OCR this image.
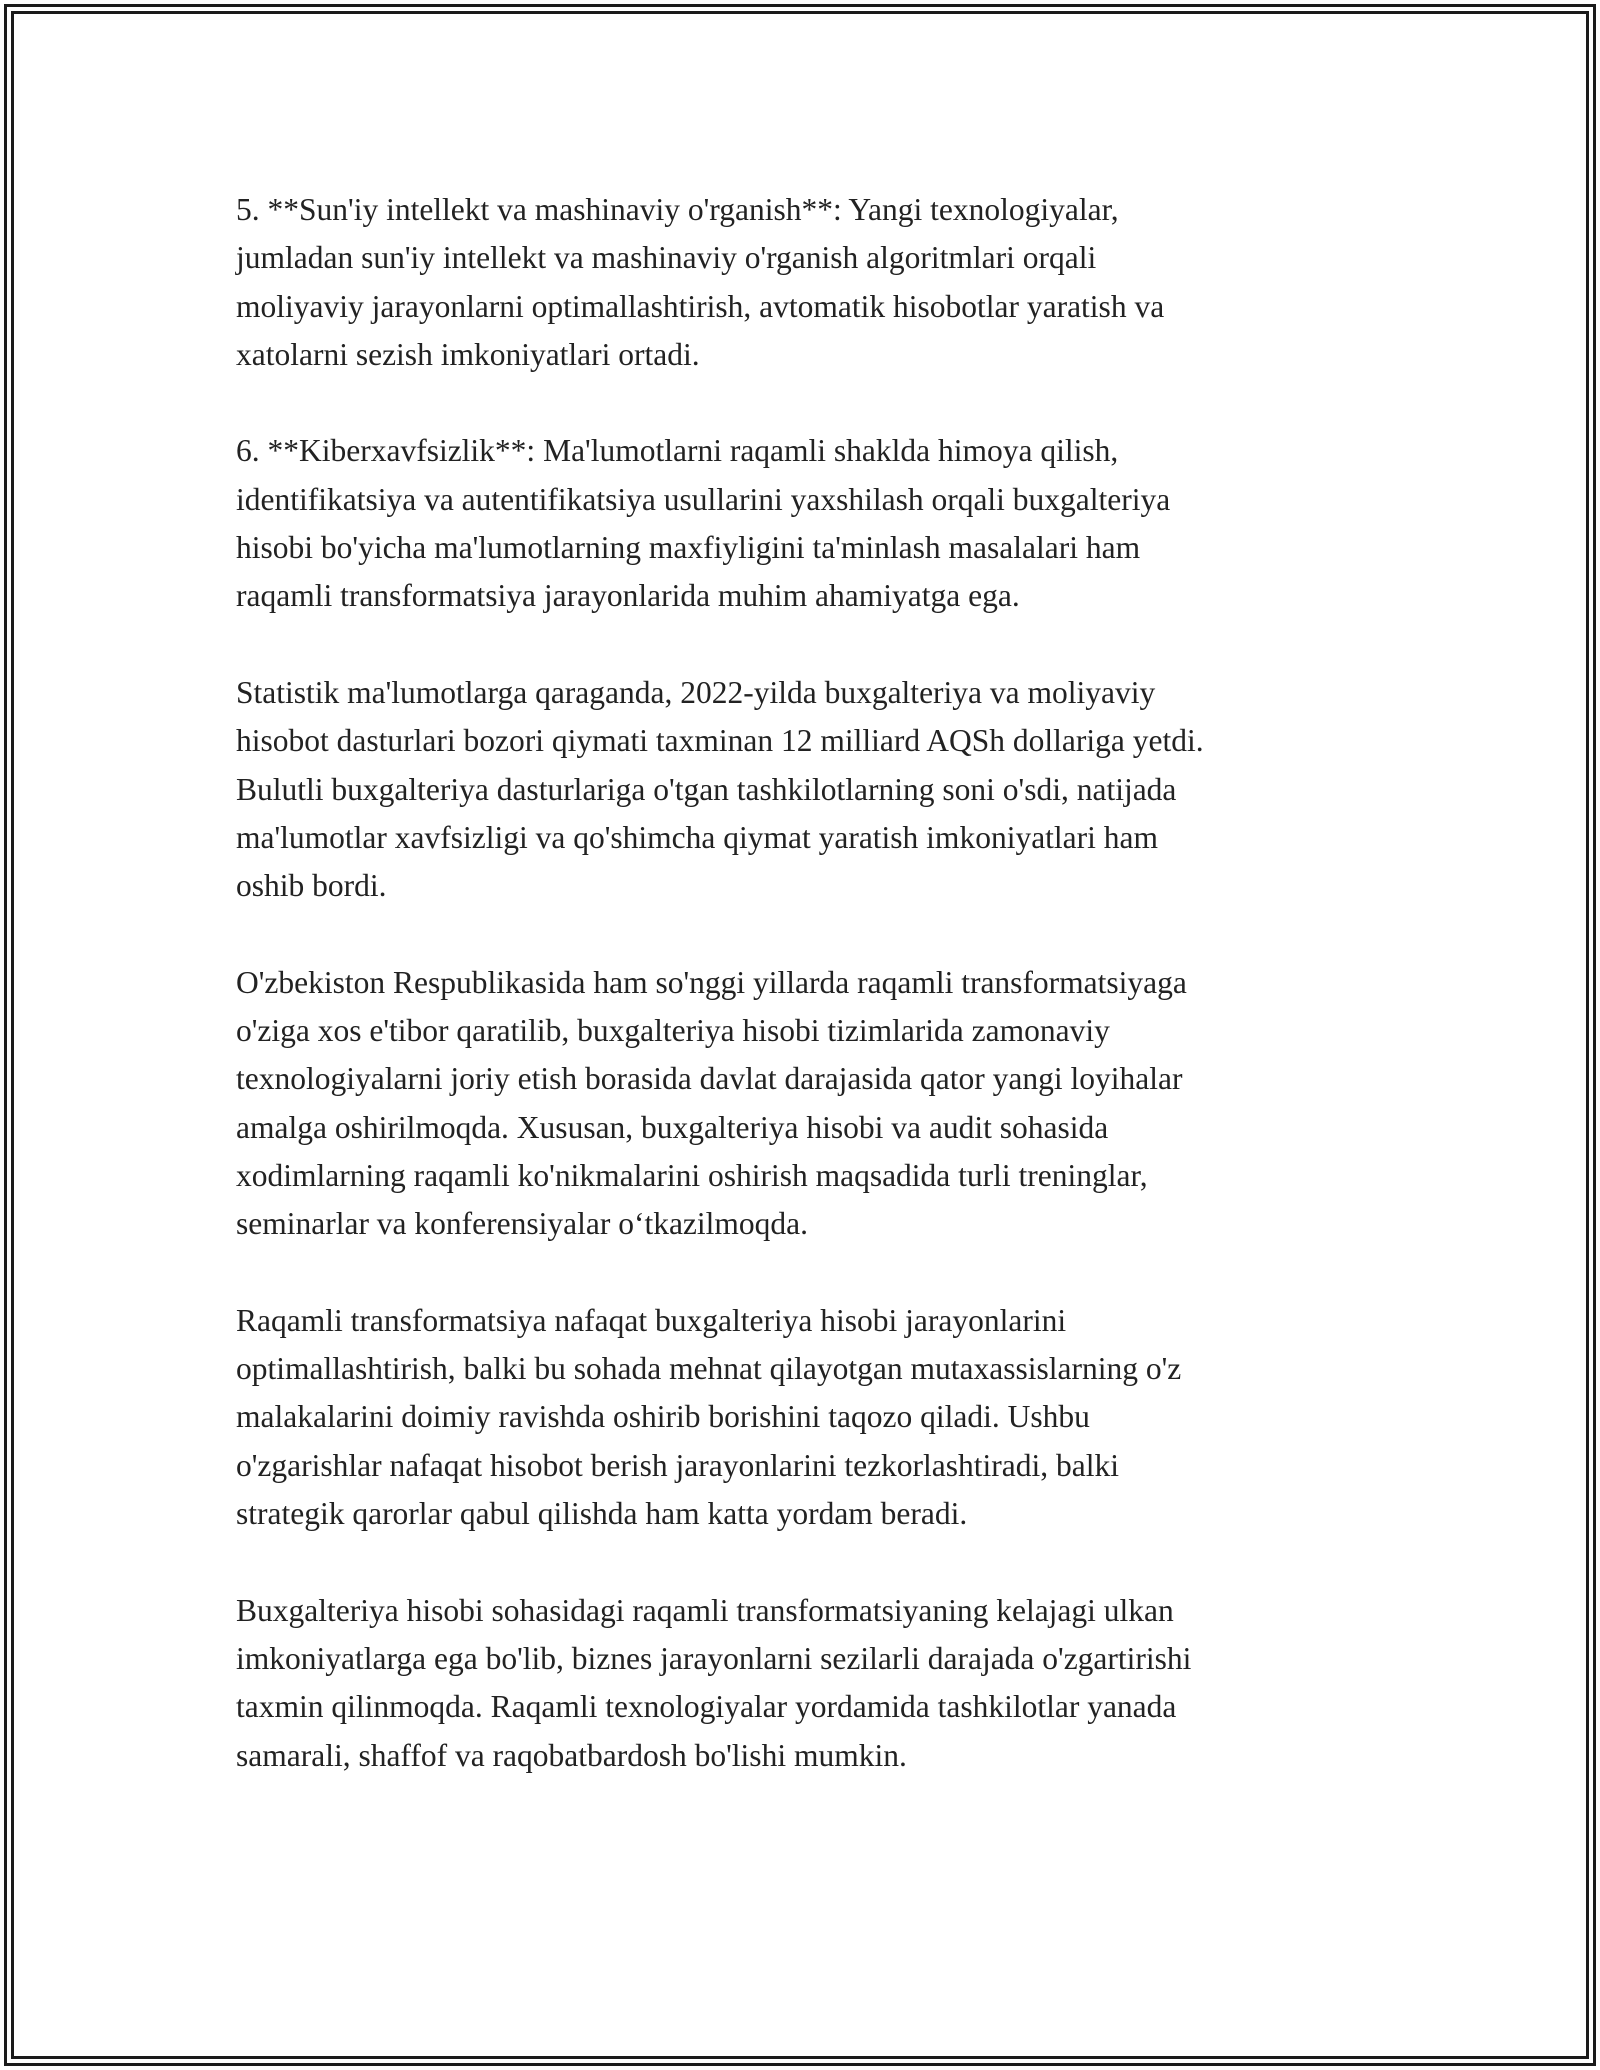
5. **Sun'iy intellekt va mashinaviy o'rganish**: Yangi texnologiyalar,
jumladan sun'iy intellekt va mashinaviy o'rganish algoritmlari orqali
moliyaviy jarayonlarni optimallashtirish, avtomatik hisobotlar yaratish va
xatolarni sezish imkoniyatlari ortadi.

6. **Kiberxavfsizlik**: Ma'lumotlarni raqamli shaklda himoya qilish,
identifikatsiya va autentifikatsiya usullarini yaxshilash orqali buxgalteriya
hisobi bo'yicha ma'lumotlarning maxfiyligini ta'minlash masalalari ham
raqamli transformatsiya jarayonlarida muhim ahamiyatga ega.

Statistik ma'lumotlarga qaraganda, 2022-yilda buxgalteriya va moliyaviy
hisobot dasturlari bozori qiymati taxminan 12 milliard AQSh dollariga yetdi.
Bulutli buxgalteriya dasturlariga o'tgan tashkilotlarning soni o'sdi, natijada
ma'lumotlar xavfsizligi va qo'shimcha qiymat yaratish imkoniyatlari ham
oshib bordi.

O'zbekiston Respublikasida ham so'nggi yillarda raqamli transformatsiyaga
o'ziga xos e'tibor qaratilib, buxgalteriya hisobi tizimlarida zamonaviy
texnologiyalarni joriy etish borasida davlat darajasida qator yangi loyihalar
amalga oshirilmoqda. Xususan, buxgalteriya hisobi va audit sohasida
xodimlarning raqamli ko'nikmalarini oshirish maqsadida turli treninglar,
seminarlar va konferensiyalar o‘tkazilmoqda.

Raqamli transformatsiya nafaqat buxgalteriya hisobi jarayonlarini
optimallashtirish, balki bu sohada mehnat qilayotgan mutaxassislarning o'z
malakalarini doimiy ravishda oshirib borishini taqozo qiladi. Ushbu
o'zgarishlar nafaqat hisobot berish jarayonlarini tezkorlashtiradi, balki
strategik qarorlar qabul qilishda ham katta yordam beradi.

Buxgalteriya hisobi sohasidagi raqamli transformatsiyaning kelajagi ulkan
imkoniyatlarga ega bo'lib, biznes jarayonlarni sezilarli darajada o'zgartirishi
taxmin qilinmoqda. Raqamli texnologiyalar yordamida tashkilotlar yanada
samarali, shaffof va raqobatbardosh bo'lishi mumkin.
